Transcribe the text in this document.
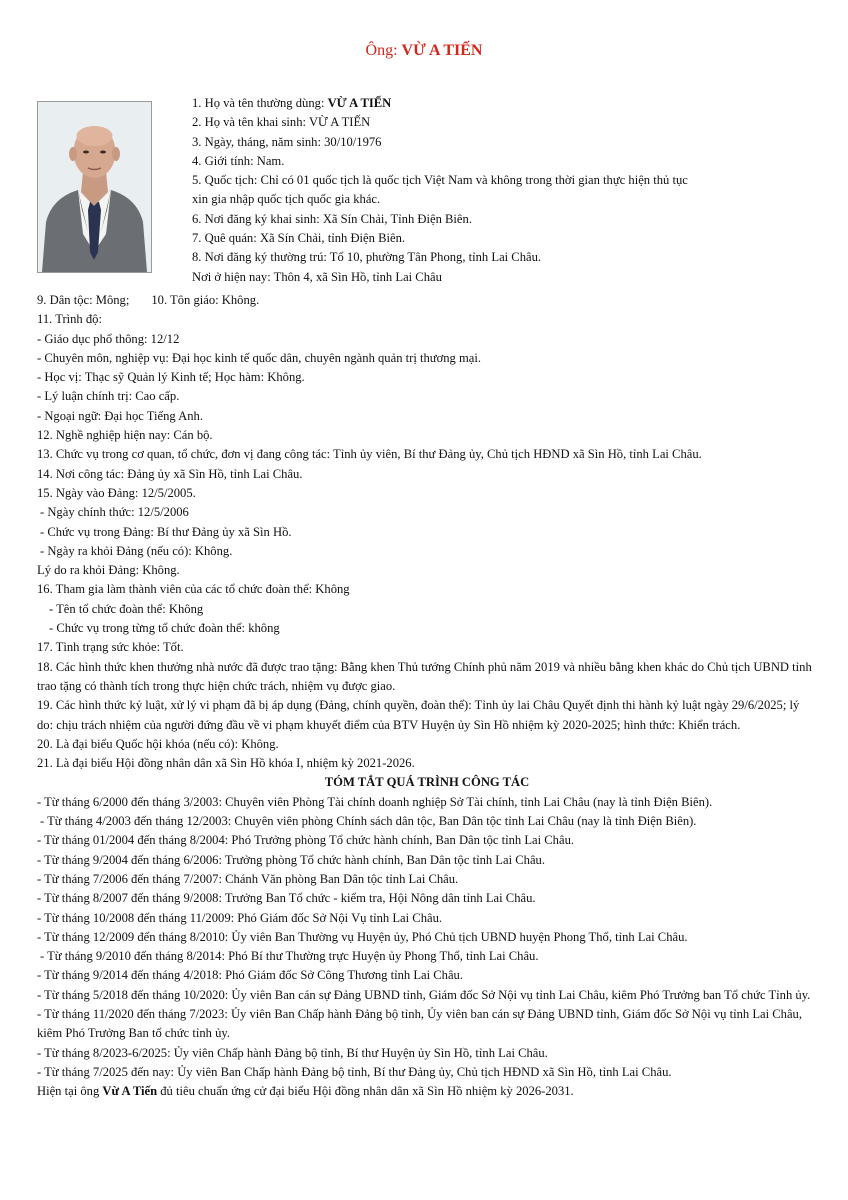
Ông: VỪ A TIẾN
1. Họ và tên thường dùng: VỪ A TIẾN
2. Họ và tên khai sinh: VỪ A TIẾN
3. Ngày, tháng, năm sinh: 30/10/1976
4. Giới tính: Nam.
5. Quốc tịch: Chỉ có 01 quốc tịch là quốc tịch Việt Nam và không trong thời gian thực hiện thủ tục
xin gia nhập quốc tịch quốc gia khác.
6. Nơi đăng ký khai sinh: Xã Sín Chải, Tỉnh Điện Biên.
7. Quê quán: Xã Sín Chải, tỉnh Điện Biên.
8. Nơi đăng ký thường trú: Tổ 10, phường Tân Phong, tỉnh Lai Châu.
Nơi ở hiện nay: Thôn 4, xã Sìn Hồ, tỉnh Lai Châu
9. Dân tộc: Mông; 10. Tôn giáo: Không.
11. Trình độ:
- Giáo dục phổ thông: 12/12
- Chuyên môn, nghiệp vụ: Đại học kinh tế quốc dân, chuyên ngành quản trị thương mại.
- Học vị: Thạc sỹ Quản lý Kinh tế; Học hàm: Không.
- Lý luận chính trị: Cao cấp.
- Ngoại ngữ: Đại học Tiếng Anh.
12. Nghề nghiệp hiện nay: Cán bộ.
13. Chức vụ trong cơ quan, tổ chức, đơn vị đang công tác: Tỉnh ủy viên, Bí thư Đảng ủy, Chủ tịch HĐND xã Sìn Hồ, tỉnh Lai Châu.
14. Nơi công tác: Đảng ủy xã Sìn Hồ, tỉnh Lai Châu.
15. Ngày vào Đảng: 12/5/2005.
- Ngày chính thức: 12/5/2006
- Chức vụ trong Đảng: Bí thư Đảng ủy xã Sìn Hồ.
- Ngày ra khỏi Đảng (nếu có): Không.
Lý do ra khỏi Đảng: Không.
16. Tham gia làm thành viên của các tổ chức đoàn thể: Không
- Tên tổ chức đoàn thể: Không
- Chức vụ trong từng tổ chức đoàn thể: không
17. Tình trạng sức khỏe: Tốt.
18. Các hình thức khen thưởng nhà nước đã được trao tặng: Bằng khen Thủ tướng Chính phủ năm 2019 và nhiều bằng khen khác do Chủ tịch UBND tỉnh trao tặng có thành tích trong thực hiện chức trách, nhiệm vụ được giao.
19. Các hình thức kỷ luật, xử lý vi phạm đã bị áp dụng (Đảng, chính quyền, đoàn thể): Tỉnh ủy lai Châu Quyết định thi hành kỷ luật ngày 29/6/2025; lý do: chịu trách nhiệm của người đứng đầu về vi phạm khuyết điểm của BTV Huyện ủy Sìn Hồ nhiệm kỳ 2020-2025; hình thức: Khiển trách.
20. Là đại biểu Quốc hội khóa (nếu có): Không.
21. Là đại biểu Hội đồng nhân dân xã Sìn Hồ khóa I, nhiệm kỳ 2021-2026.
TÓM TẮT QUÁ TRÌNH CÔNG TÁC
- Từ tháng 6/2000 đến tháng 3/2003: Chuyên viên Phòng Tài chính doanh nghiệp Sở Tài chính, tỉnh Lai Châu (nay là tỉnh Điện Biên).
- Từ tháng 4/2003 đến tháng 12/2003: Chuyên viên phòng Chính sách dân tộc, Ban Dân tộc tỉnh Lai Châu (nay là tỉnh Điện Biên).
- Từ tháng 01/2004 đến tháng 8/2004: Phó Trưởng phòng Tổ chức hành chính, Ban Dân tộc tỉnh Lai Châu.
- Từ tháng 9/2004 đến tháng 6/2006: Trưởng phòng Tổ chức hành chính, Ban Dân tộc tỉnh Lai Châu.
- Từ tháng 7/2006 đến tháng 7/2007: Chánh Văn phòng Ban Dân tộc tỉnh Lai Châu.
- Từ tháng 8/2007 đến tháng 9/2008: Trưởng Ban Tổ chức - kiểm tra, Hội Nông dân tỉnh Lai Châu.
- Từ tháng 10/2008 đến tháng 11/2009: Phó Giám đốc Sở Nội Vụ tỉnh Lai Châu.
- Từ tháng 12/2009 đến tháng 8/2010: Ủy viên Ban Thường vụ Huyện ủy, Phó Chủ tịch UBND huyện Phong Thổ, tỉnh Lai Châu.
- Từ tháng 9/2010 đến tháng 8/2014: Phó Bí thư Thường trực Huyện ủy Phong Thổ, tỉnh Lai Châu.
- Từ tháng 9/2014 đến tháng 4/2018: Phó Giám đốc Sở Công Thương tỉnh Lai Châu.
- Từ tháng 5/2018 đến tháng 10/2020: Ủy viên Ban cán sự Đảng UBND tỉnh, Giám đốc Sở Nội vụ tỉnh Lai Châu, kiêm Phó Trưởng ban Tổ chức Tỉnh ủy.
- Từ tháng 11/2020 đến tháng 7/2023: Ủy viên Ban Chấp hành Đảng bộ tỉnh, Ủy viên ban cán sự Đảng UBND tỉnh, Giám đốc Sở Nội vụ tỉnh Lai Châu, kiêm Phó Trưởng Ban tổ chức tỉnh ủy.
- Từ tháng 8/2023-6/2025: Ủy viên Chấp hành Đảng bộ tỉnh, Bí thư Huyện ủy Sìn Hồ, tỉnh Lai Châu.
- Từ tháng 7/2025 đến nay: Ủy viên Ban Chấp hành Đảng bộ tỉnh, Bí thư Đảng ủy, Chủ tịch HĐND xã Sìn Hồ, tỉnh Lai Châu.
Hiện tại ông Vừ A Tiến đủ tiêu chuẩn ứng cử đại biểu Hội đồng nhân dân xã Sìn Hồ nhiệm kỳ 2026-2031.
